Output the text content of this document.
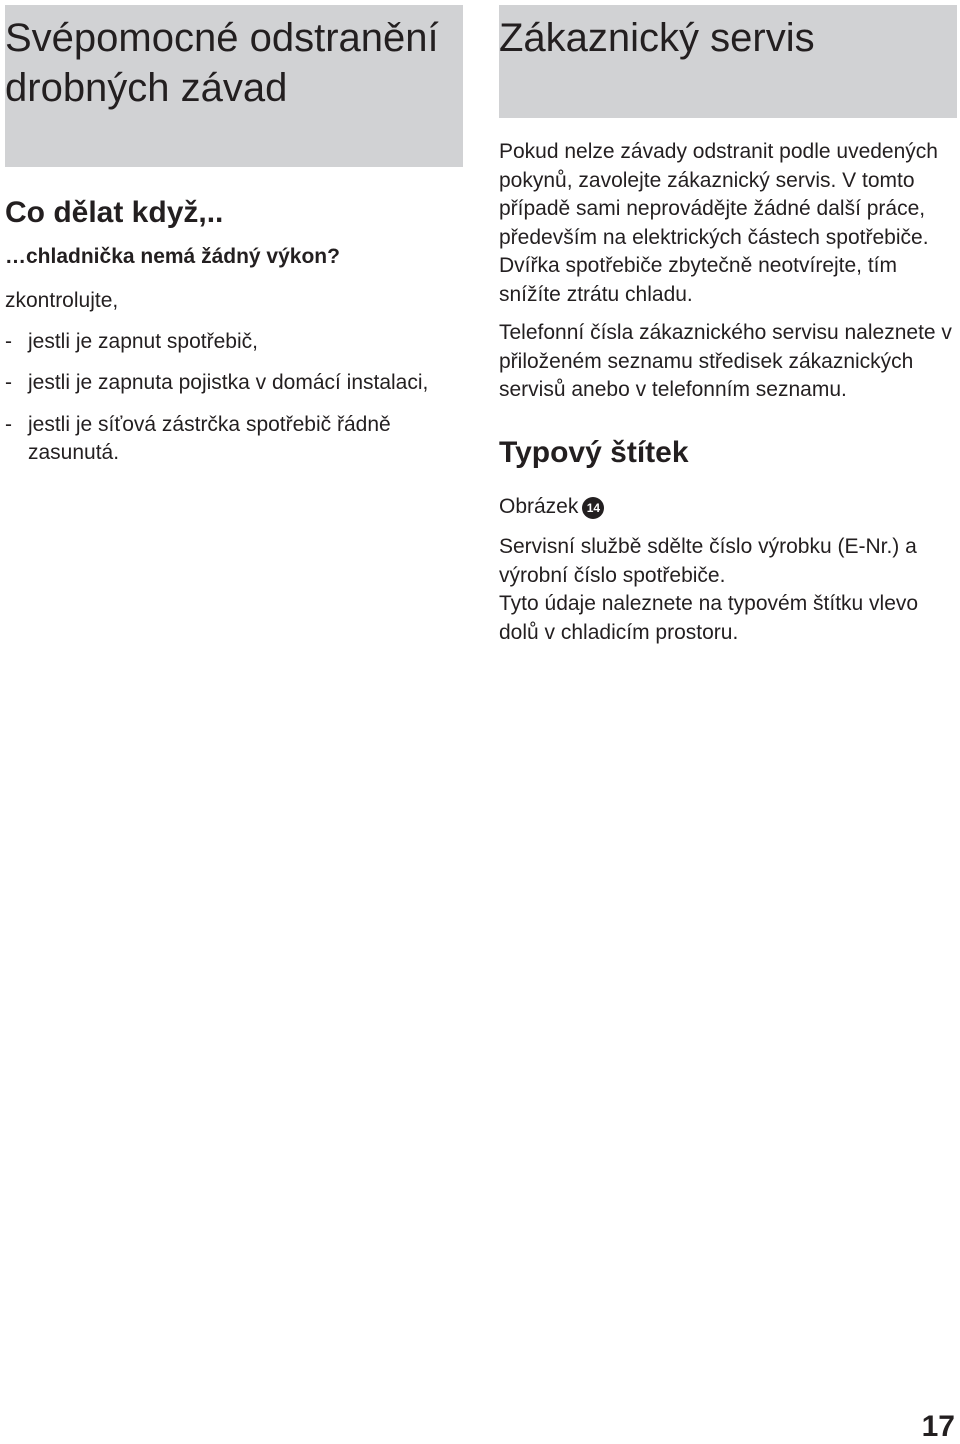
Svépomocné odstranění drobných závad
Co dělat když,..
…chladnička nemá žádný výkon?

zkontrolujte,

- jestli je zapnut spotřebič,
- jestli je zapnuta pojistka v domácí instalaci,
- jestli je síťová zástrčka spotřebič řádně zasunutá.
Zákaznický servis

Pokud nelze závady odstranit podle uvedených pokynů, zavolejte zákaznický servis. V tomto případě sami neprovádějte žádné další práce, především na elektrických částech spotřebiče.

Dvířka spotřebiče zbytečně neotvírejte, tím snížíte ztrátu chladu.

Telefonní čísla zákaznického servisu naleznete v přiloženém seznamu středisek zákaznických servisů anebo v telefonním seznamu.

Typový štítek

Obrázek 14

Servisní službě sdělte číslo výrobku (E-Nr.) a výrobní číslo spotřebiče.

Tyto údaje naleznete na typovém štítku vlevo dolů v chladicím prostoru.

17
